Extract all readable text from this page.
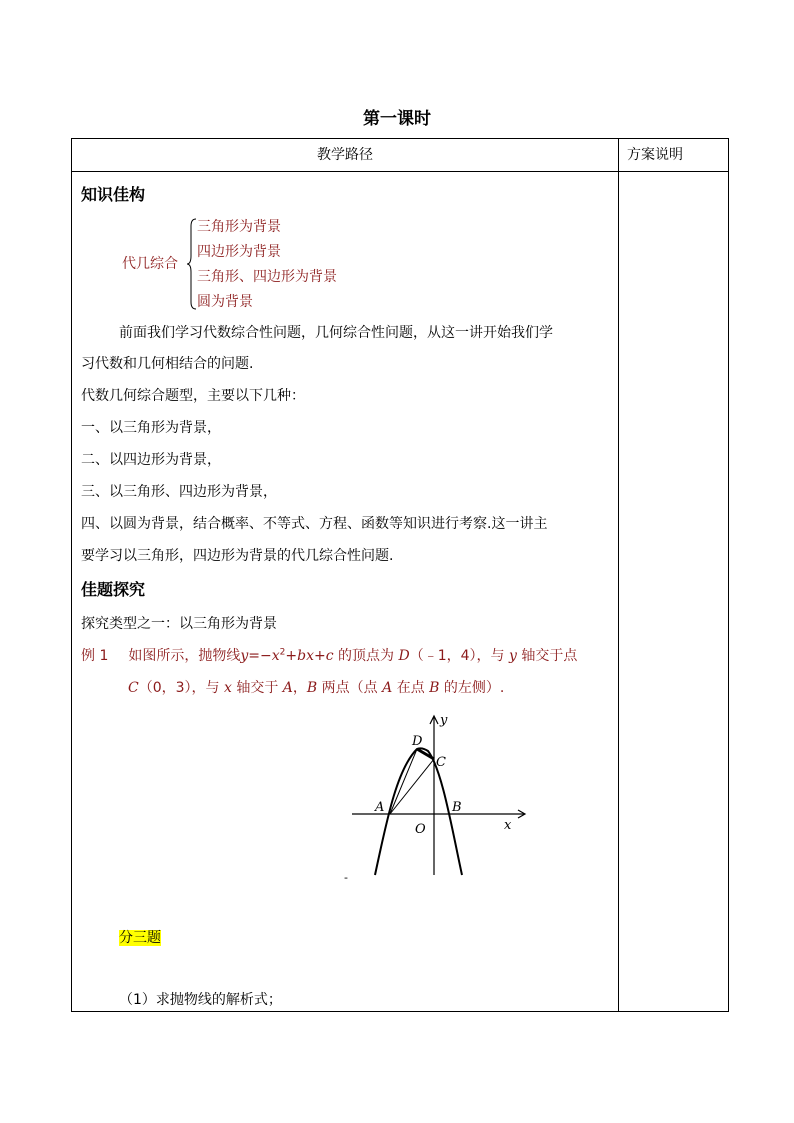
第一课时
教学路径	方案说明
知识佳构
代几综合
三角形为背景
四边形为背景
三角形、四边形为背景
圆为背景
前面我们学习代数综合性问题，几何综合性问题，从这一讲开始我们学
习代数和几何相结合的问题.
代数几何综合题型，主要以下几种：
一、以三角形为背景，
二、以四边形为背景，
三、以三角形、四边形为背景，
四、以圆为背景，结合概率、不等式、方程、函数等知识进行考察.这一讲主
要学习以三角形，四边形为背景的代几综合性问题.
佳题探究
探究类型之一：以三角形为背景
例 1 如图所示，抛物线$y=-x^2+bx+c$ 的顶点为 D（﹣1，4），与 y 轴交于点
C（0，3），与 x 轴交于 A，B 两点（点 A 在点 B 的左侧）.
y
x
D
C
A	B
O
-
分三题
（1）求抛物线的解析式；
